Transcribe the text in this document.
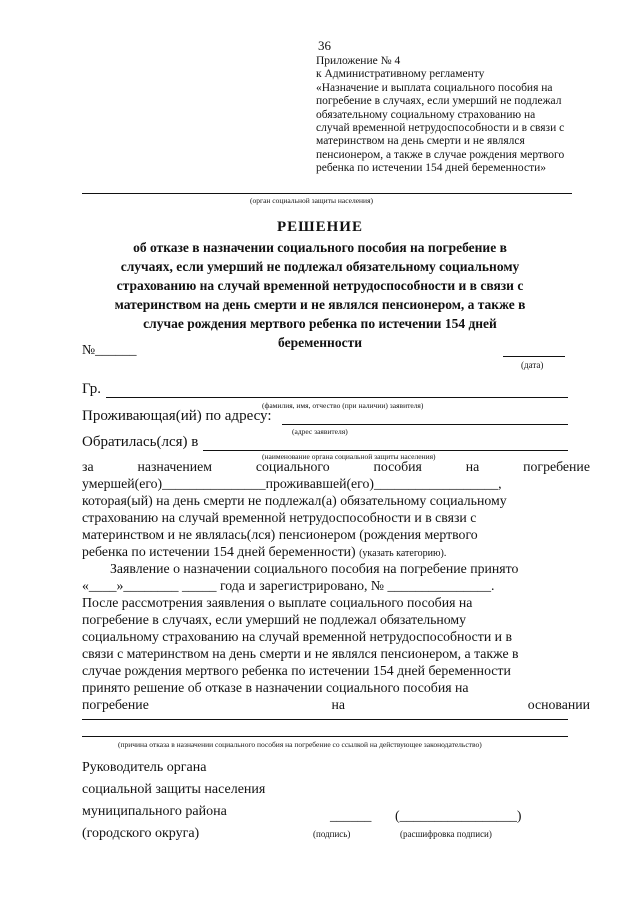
36
Приложение № 4
к Административному регламенту
«Назначение и выплата социального пособия на
погребение в случаях, если умерший не подлежал
обязательному социальному страхованию на
случай временной нетрудоспособности и в связи с
материнством на день смерти и не являлся
пенсионером, а также в случае рождения мертвого
ребенка по истечении 154 дней беременности»
(орган социальной защиты населения)
РЕШЕНИЕ
об отказе в назначении социального пособия на погребение в
случаях, если умерший не подлежал обязательному социальному
страхованию на случай временной нетрудоспособности и в связи с
материнством на день смерти и не являлся пенсионером, а также в
случае рождения мертвого ребенка по истечении 154 дней
беременности
№______
(дата)
Гр.
(фамилия, имя, отчество (при наличии) заявителя)
Проживающая(ий) по адресу:
(адрес заявителя)
Обратилась(лся) в
(наименование органа социальной защиты населения)
за	назначением	социального	пособия	на	погребение
умершей(его)_______________проживавшей(его)__________________,
которая(ый) на день смерти не подлежал(а) обязательному социальному
страхованию на случай временной нетрудоспособности и в связи с
материнством и не являлась(лся) пенсионером (рождения мертвого
ребенка по истечении 154 дней беременности) (указать категорию).
Заявление о назначении социального пособия на погребение принято
«____»________ _____ года и зарегистрировано, № _______________.
После рассмотрения заявления о выплате социального пособия на
погребение в случаях, если умерший не подлежал обязательному
социальному страхованию на случай временной нетрудоспособности и в
связи с материнством на день смерти и не являлся пенсионером, а также в
случае рождения мертвого ребенка по истечении 154 дней беременности
принято решение об отказе в назначении социального пособия на
погребение	на	основании
(причина отказа в назначении социального пособия на погребение со ссылкой на действующее законодательство)
Руководитель органа
социальной защиты населения
муниципального района
(городского округа)
______ (_________________)
(подпись)	(расшифровка подписи)
